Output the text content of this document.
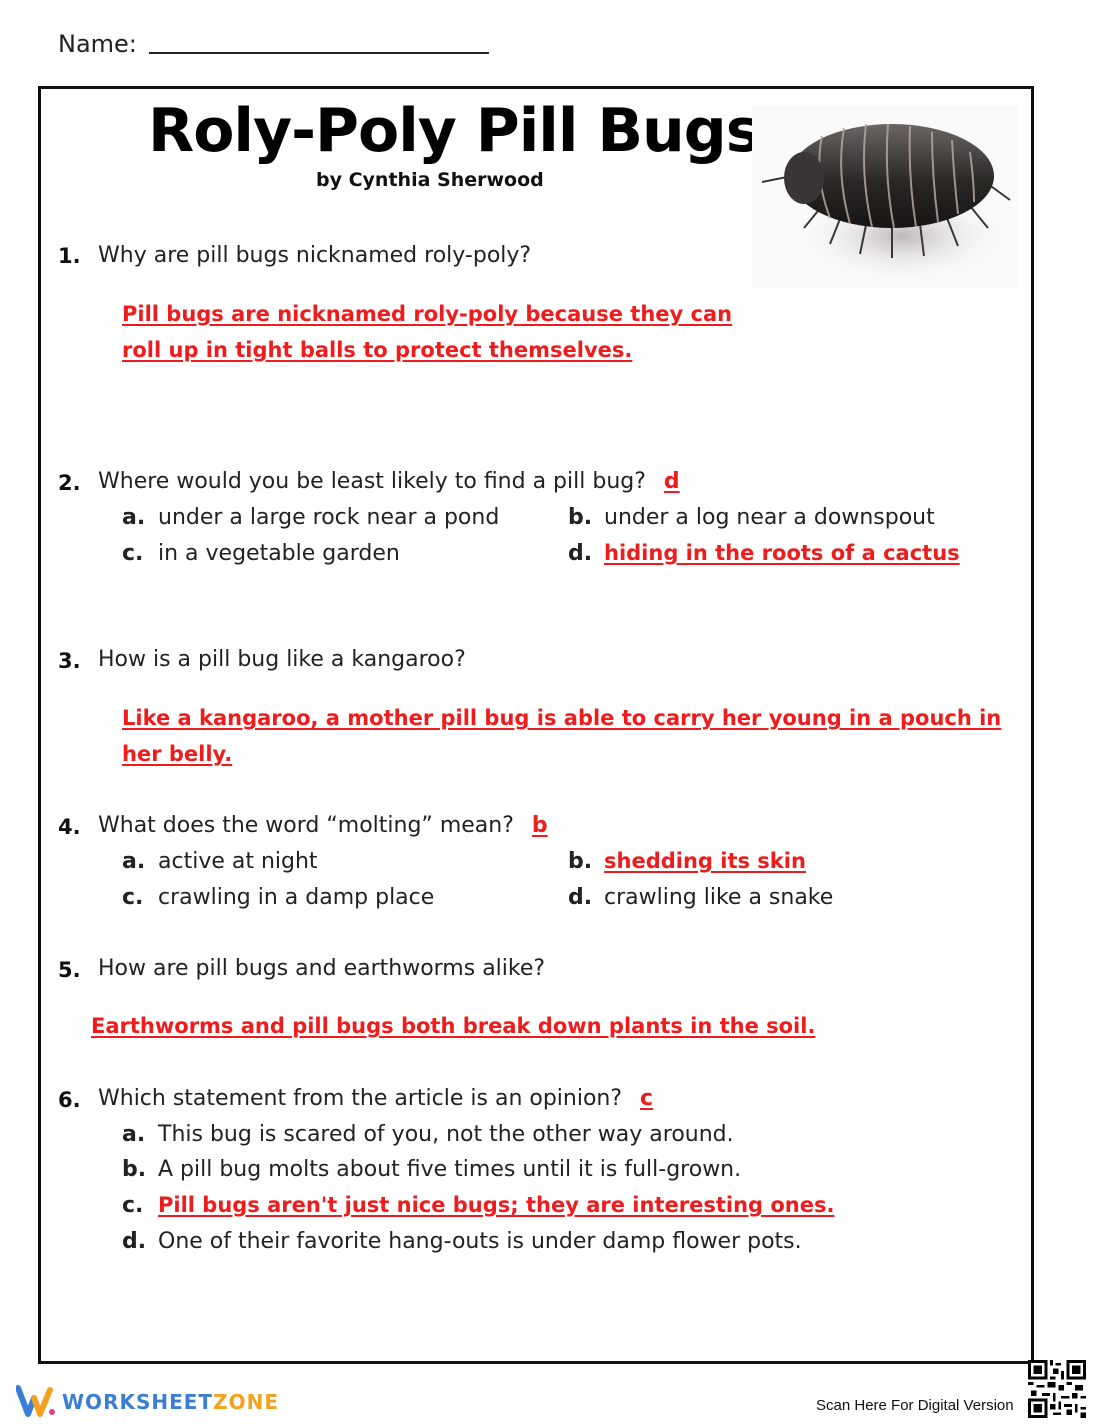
Name:
Roly-Poly Pill Bugs
by Cynthia Sherwood
1. Why are pill bugs nicknamed roly-poly?
Pill bugs are nicknamed roly-poly because they can
roll up in tight balls to protect themselves.
2. Where would you be least likely to find a pill bug? d
a. under a large rock near a pond	b. under a log near a downspout
c. in a vegetable garden	d. hiding in the roots of a cactus
3. How is a pill bug like a kangaroo?
Like a kangaroo, a mother pill bug is able to carry her young in a pouch in
her belly.
4. What does the word “molting” mean? b
a. active at night	b. shedding its skin
c. crawling in a damp place	d. crawling like a snake
5. How are pill bugs and earthworms alike?
Earthworms and pill bugs both break down plants in the soil.
6. Which statement from the article is an opinion? c
a. This bug is scared of you, not the other way around.
b. A pill bug molts about five times until it is full-grown.
c. Pill bugs aren't just nice bugs; they are interesting ones.
d. One of their favorite hang-outs is under damp flower pots.
WORKSHEETZONE	Scan Here For Digital Version
